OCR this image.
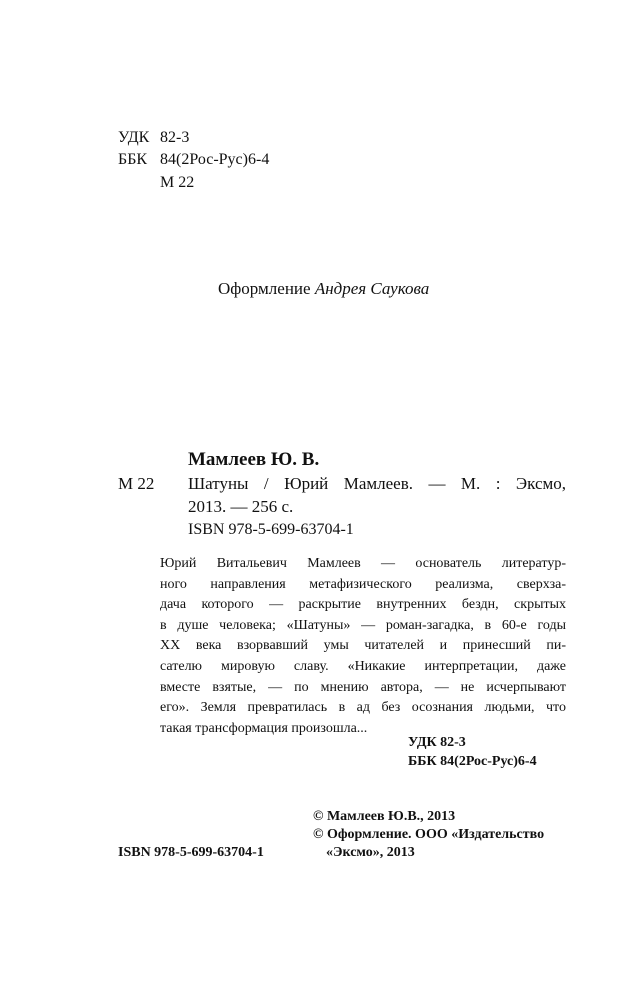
УДК 82-3
ББК 84(2Рос-Рус)6-4
М 22
Оформление Андрея Саукова
Мамлеев Ю. В.
М 22 Шатуны / Юрий Мамлеев. — М. : Эксмо,
2013. — 256 с.
ISBN 978-5-699-63704-1
Юрий Витальевич Мамлеев — основатель литератур-
ного направления метафизического реализма, сверхза-
дача которого — раскрытие внутренних бездн, скрытых
в душе человека; «Шатуны» — роман-загадка, в 60-е годы
ХХ века взорвавший умы читателей и принесший пи-
сателю мировую славу. «Никакие интерпретации, даже
вместе взятые, — по мнению автора, — не исчерпывают
его». Земля превратилась в ад без осознания людьми, что
такая трансформация произошла...
УДК 82-3
ББК 84(2Рос-Рус)6-4
© Мамлеев Ю.В., 2013
© Оформление. ООО «Издательство
«Эксмо», 2013
ISBN 978-5-699-63704-1
